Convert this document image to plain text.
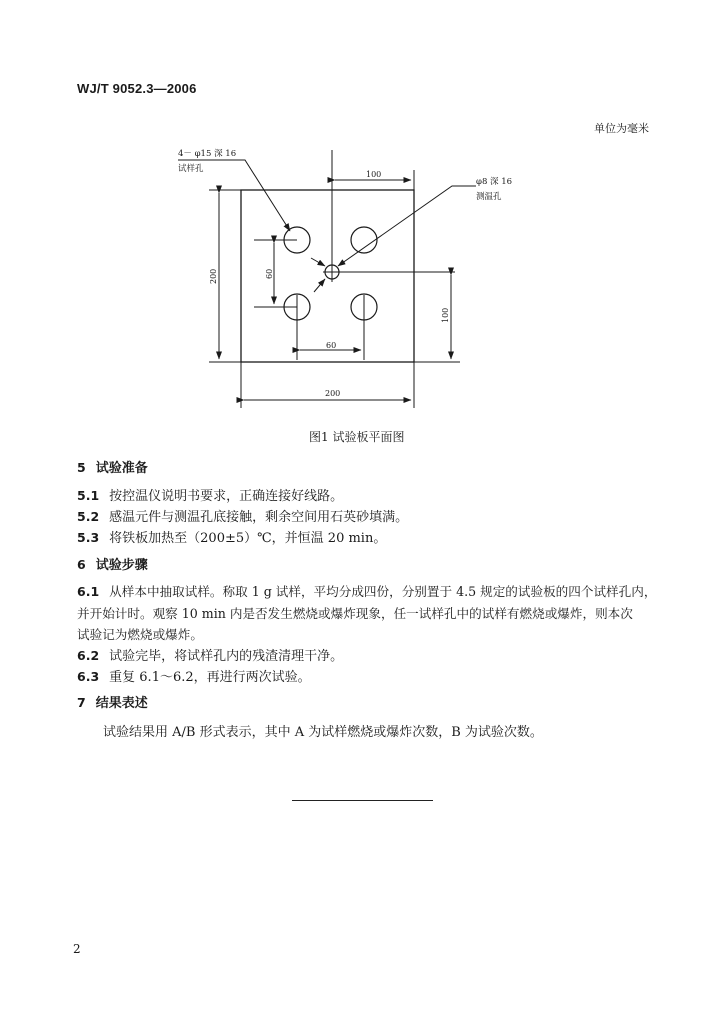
WJ/T 9052.3—2006
单位为毫米
4－ φ15 深 16
试样孔
φ8 深 16
测温孔
100
200
60
200	60
100
图1 试验板平面图
5 试验准备
5.1 按控温仪说明书要求，正确连接好线路。
5.2 感温元件与测温孔底接触，剩余空间用石英砂填满。
5.3 将铁板加热至（200±5）℃，并恒温 20 min。
6 试验步骤
6.1 从样本中抽取试样。称取 1 g 试样，平均分成四份，分别置于 4.5 规定的试验板的四个试样孔内，
并开始计时。观察 10 min 内是否发生燃烧或爆炸现象，任一试样孔中的试样有燃烧或爆炸，则本次
试验记为燃烧或爆炸。
6.2 试验完毕，将试样孔内的残渣清理干净。
6.3 重复 6.1～6.2，再进行两次试验。
7 结果表述
试验结果用 A/B 形式表示，其中 A 为试样燃烧或爆炸次数，B 为试验次数。
2
